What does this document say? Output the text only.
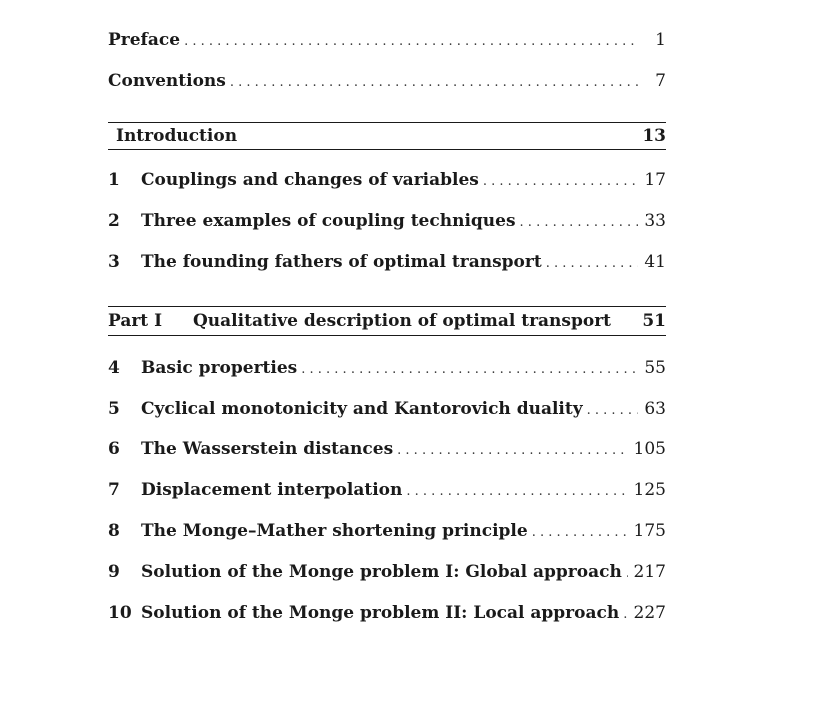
Preface . . .	1
Conventions . . .	7
Introduction	13
1	Couplings and changes of variables . . .	17
2	Three examples of coupling techniques . . .	33
3	The founding fathers of optimal transport . . .	41
Part I	Qualitative description of optimal transport	51
4	Basic properties . . .	55
5	Cyclical monotonicity and Kantorovich duality . . .	63
6	The Wasserstein distances . . .	105
7	Displacement interpolation . . .	125
8	The Monge–Mather shortening principle . . .	175
9	Solution of the Monge problem I: Global approach . . . 217
10 Solution of the Monge problem II: Local approach . . . 227
